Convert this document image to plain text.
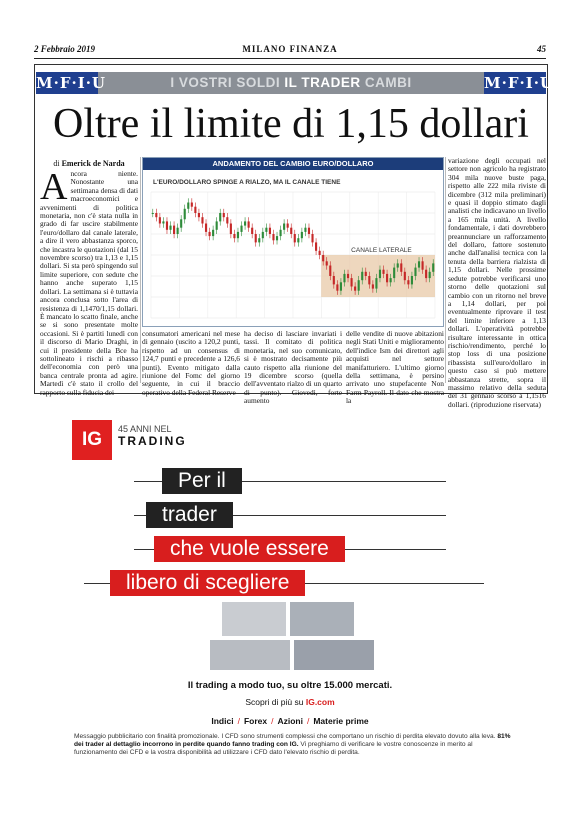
2 Febbraio 2019	MILANO FINANZA	45
M·F·I·U	I VOSTRI SOLDI IL TRADER CAMBI	M·F·I·U
Oltre il limite di 1,15 dollari
di Emerick de Narda
Ancora niente. Nonostante una settimana densa di dati macroeconomici e avvenimenti di politica monetaria, non c'è stata nulla in grado di far uscire stabilmente l'euro/dollaro dal canale laterale, a dire il vero abbastanza sporco, che incastra le quotazioni (dal 15 novembre scorso) tra 1,13 e 1,15 dollari. Si sta però spingendo sul limite superiore, con sedute che hanno anche superato 1,15 dollari. La settimana si è tuttavia ancora conclusa sotto l'area di resistenza di 1,1470/1,15 dollari. È mancato lo scatto finale, anche se si sono presentate molte occasioni. Si è partiti lunedì con il discorso di Mario Draghi, in cui il presidente della Bce ha sottolineato i rischi a ribasso dell'economia con però una banca centrale pronta ad agire. Martedì c'è stato il crollo del rapporto sulla fiducia dei
consumatori americani nel mese di gennaio (uscito a 120,2 punti, rispetto ad un consensus di 124,7 punti e precedente a 126,6 punti). Evento mitigato dalla riunione del Fomc del giorno seguente, in cui il braccio operativo della Federal Reserve
ha deciso di lasciare invariati i tassi. Il comitato di politica monetaria, nel suo comunicato, si è mostrato decisamente più cauto rispetto alla riunione del 19 dicembre scorso (quella dell'avventato rialzo di un quarto di punto). Giovedì, forte aumento
delle vendite di nuove abitazioni negli Stati Uniti e miglioramento dell'indice Ism dei direttori agli acquisti nel settore manifatturiero. L'ultimo giorno della settimana, è persino arrivato uno stupefacente Non Farm Payroll. Il dato che mostra la
variazione degli occupati nel settore non agricolo ha registrato 304 mila nuove buste paga, rispetto alle 222 mila riviste di dicembre (312 mila preliminari) e quasi il doppio stimato dagli analisti che indicavano un livello a 165 mila unità. A livello fondamentale, i dati dovrebbero preannunciare un rafforzamento del dollaro, fattore sostenuto anche dall'analisi tecnica con la tenuta della barriera rialzista di 1,15 dollari. Nelle prossime sedute potrebbe verificarsi uno storno delle quotazioni sul cambio con un ritorno nel breve a 1,14 dollari, per poi eventualmente riprovare il test del limite inferiore a 1,13 dollari. L'operatività potrebbe risultare interessante in ottica rischio/rendimento, perché lo stop loss di una posizione ribassista sull'euro/dollaro in questo caso si può mettere abbastanza strette, sopra il massimo relativo della seduta del 31 gennaio scorso a 1,1516 dollari. (riproduzione riservata)
ANDAMENTO DEL CAMBIO EURO/DOLLARO
L'EURO/DOLLARO SPINGE A RIALZO, MA IL CANALE TIENE
CANALE LATERALE
IG	45 ANNI NEL
TRADING
Per il
trader
che vuole essere
libero di scegliere
Il trading a modo tuo, su oltre 15.000 mercati.
Scopri di più su IG.com
Indici / Forex / Azioni / Materie prime
Messaggio pubblicitario con finalità promozionale. I CFD sono strumenti complessi che comportano un rischio di perdita elevato dovuto alla leva. 81% dei trader al dettaglio incorrono in perdite quando fanno trading con IG. Vi preghiamo di verificare le vostre conoscenze in merito al funzionamento dei CFD e la vostra disponibilità ad utilizzare i CFD dato l'elevato rischio di perdita.
